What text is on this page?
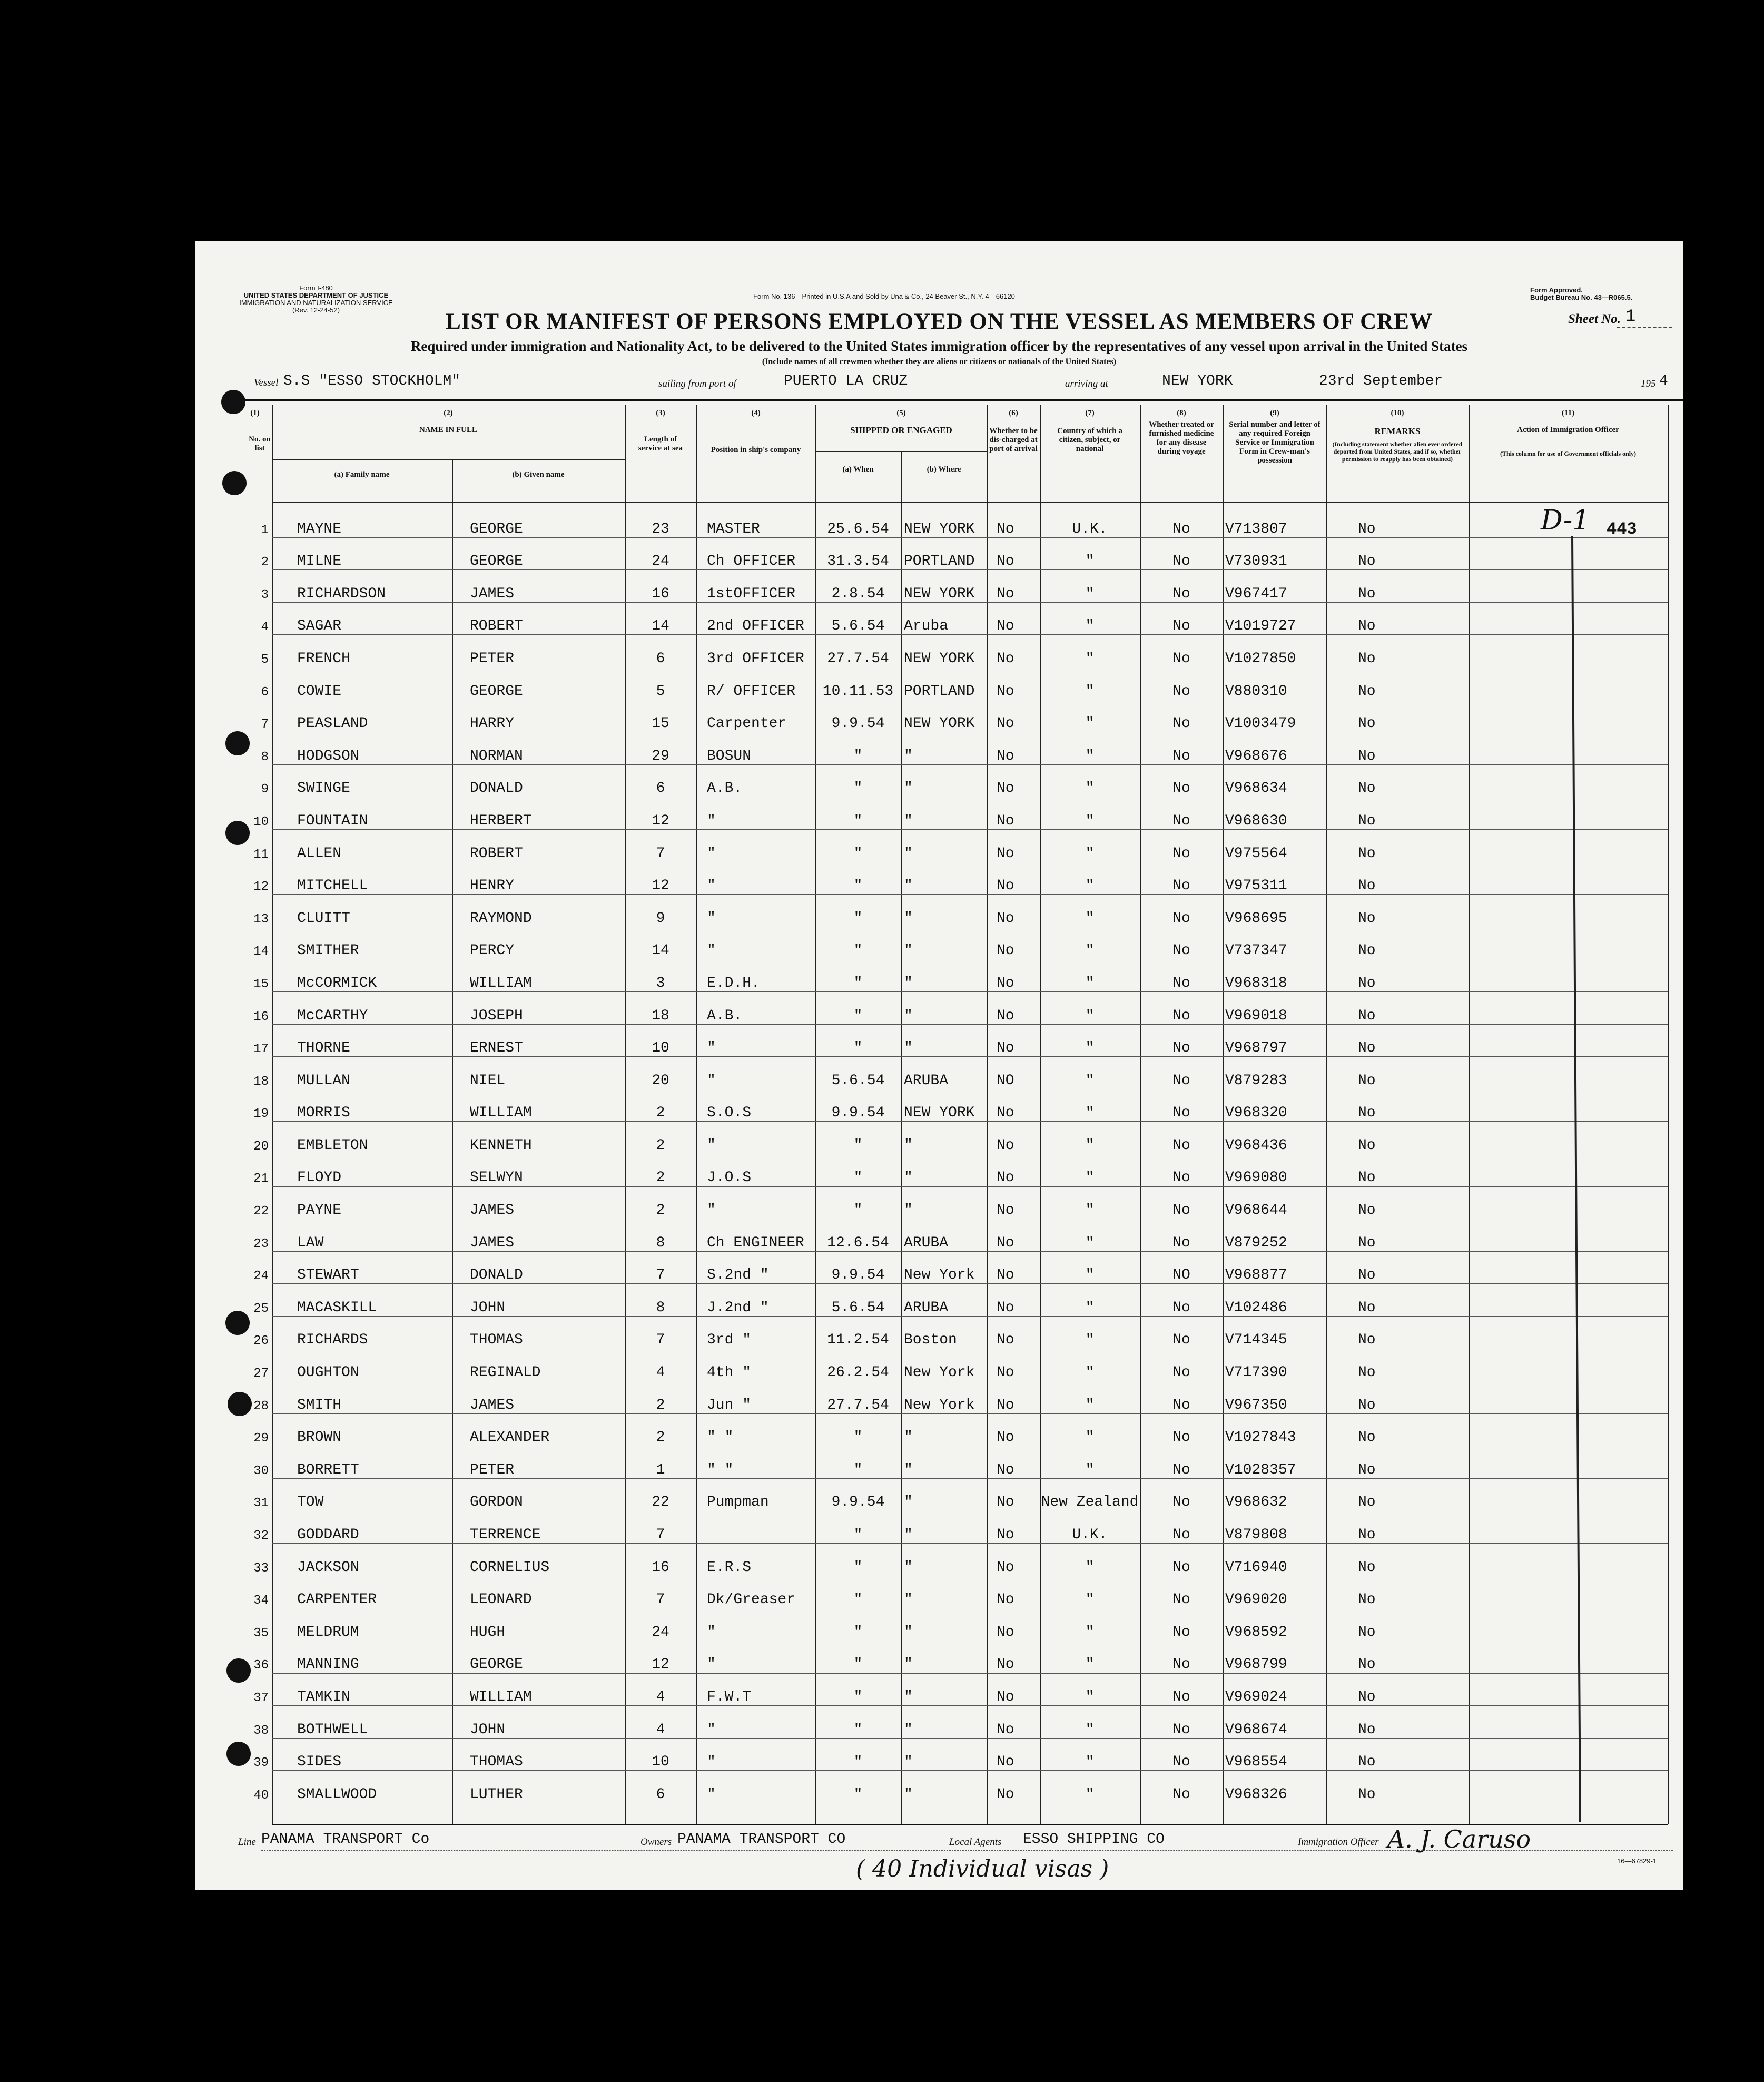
Form I-480
UNITED STATES DEPARTMENT OF JUSTICE
IMMIGRATION AND NATURALIZATION SERVICE
(Rev. 12-24-52)
Form No. 136—Printed in U.S.A and Sold by Una & Co., 24 Beaver St., N.Y. 4—66120
Form Approved.
Budget Bureau No. 43—R065.5.
LIST OR MANIFEST OF PERSONS EMPLOYED ON THE VESSEL AS MEMBERS OF CREW	Sheet No. 1
Required under immigration and Nationality Act, to be delivered to the United States immigration officer by the representatives of any vessel upon arrival in the United States
(Include names of all crewmen whether they are aliens or citizens or nationals of the United States)
Vessel S.S "ESSO STOCKHOLM"	sailing from port of	PUERTO LA CRUZ	arriving at	NEW YORK	23rd September	195 4
(1)
No. on list
(2)
NAME IN FULL
(a) Family name	(b) Given name
(3)
Length of service at sea
(4)
Position in ship's company
(5)
SHIPPED OR ENGAGED
(a) When	(b) Where
(6)
Whether to be dis-charged at port of arrival
(7)
Country of which a citizen, subject, or national
(8)
Whether treated or furnished medicine for any disease during voyage
(9)
Serial number and letter of any required Foreign Service or Immigration Form in Crew-man's possession
(10)
REMARKS
(Including statement whether alien ever ordered deported from United States, and if so, whether permission to reapply has been obtained)
(11)
Action of Immigration Officer
(This column for use of Government officials only)
1	MAYNE	GEORGE	23	MASTER	25.6.54	NEW YORK	No	U.K.	No	V713807	No
2	MILNE	GEORGE	24	Ch OFFICER	31.3.54	PORTLAND	No	"	No	V730931	No
3	RICHARDSON	JAMES	16	1stOFFICER	2.8.54	NEW YORK	No	"	No	V967417	No
4	SAGAR	ROBERT	14	2nd OFFICER	5.6.54	Aruba	No	"	No	V1019727	No
5	FRENCH	PETER	6	3rd OFFICER	27.7.54	NEW YORK	No	"	No	V1027850	No
6	COWIE	GEORGE	5	R/ OFFICER	10.11.53	PORTLAND	No	"	No	V880310	No
7	PEASLAND	HARRY	15	Carpenter	9.9.54	NEW YORK	No	"	No	V1003479	No
8	HODGSON	NORMAN	29	BOSUN	"	"	No	"	No	V968676	No
9	SWINGE	DONALD	6	A.B.	"	"	No	"	No	V968634	No
10	FOUNTAIN	HERBERT	12	"	"	"	No	"	No	V968630	No
11	ALLEN	ROBERT	7	"	"	"	No	"	No	V975564	No
12	MITCHELL	HENRY	12	"	"	"	No	"	No	V975311	No
13	CLUITT	RAYMOND	9	"	"	"	No	"	No	V968695	No
14	SMITHER	PERCY	14	"	"	"	No	"	No	V737347	No
15	McCORMICK	WILLIAM	3	E.D.H.	"	"	No	"	No	V968318	No
16	McCARTHY	JOSEPH	18	A.B.	"	"	No	"	No	V969018	No
17	THORNE	ERNEST	10	"	"	"	No	"	No	V968797	No
18	MULLAN	NIEL	20	"	5.6.54	ARUBA	NO	"	No	V879283	No
19	MORRIS	WILLIAM	2	S.O.S	9.9.54	NEW YORK	No	"	No	V968320	No
20	EMBLETON	KENNETH	2	"	"	"	No	"	No	V968436	No
21	FLOYD	SELWYN	2	J.O.S	"	"	No	"	No	V969080	No
22	PAYNE	JAMES	2	"	"	"	No	"	No	V968644	No
23	LAW	JAMES	8	Ch ENGINEER	12.6.54	ARUBA	No	"	No	V879252	No
24	STEWART	DONALD	7	S.2nd "	9.9.54	New York	No	"	NO	V968877	No
25	MACASKILL	JOHN	8	J.2nd "	5.6.54	ARUBA	No	"	No	V102486	No
26	RICHARDS	THOMAS	7	3rd "	11.2.54	Boston	No	"	No	V714345	No
27	OUGHTON	REGINALD	4	4th "	26.2.54	New York	No	"	No	V717390	No
28	SMITH	JAMES	2	Jun "	27.7.54	New York	No	"	No	V967350	No
29	BROWN	ALEXANDER	2	" "	"	"	No	"	No	V1027843	No
30	BORRETT	PETER	1	" "	"	"	No	"	No	V1028357	No
31	TOW	GORDON	22	Pumpman	9.9.54	"	No	New Zealand	No	V968632	No
32	GODDARD	TERRENCE	7		"	"	No	U.K.	No	V879808	No
33	JACKSON	CORNELIUS	16	E.R.S	"	"	No	"	No	V716940	No
34	CARPENTER	LEONARD	7	Dk/Greaser	"	"	No	"	No	V969020	No
35	MELDRUM	HUGH	24	"	"	"	No	"	No	V968592	No
36	MANNING	GEORGE	12	"	"	"	No	"	No	V968799	No
37	TAMKIN	WILLIAM	4	F.W.T	"	"	No	"	No	V969024	No
38	BOTHWELL	JOHN	4	"	"	"	No	"	No	V968674	No
39	SIDES	THOMAS	10	"	"	"	No	"	No	V968554	No
40	SMALLWOOD	LUTHER	6	"	"	"	No	"	No	V968326	No
D-1 443
Line PANAMA TRANSPORT Co	Owners PANAMA TRANSPORT CO	Local Agents ESSO SHIPPING CO	Immigration Officer A. J. Caruso
16—67829-1
( 40 Individual visas )
